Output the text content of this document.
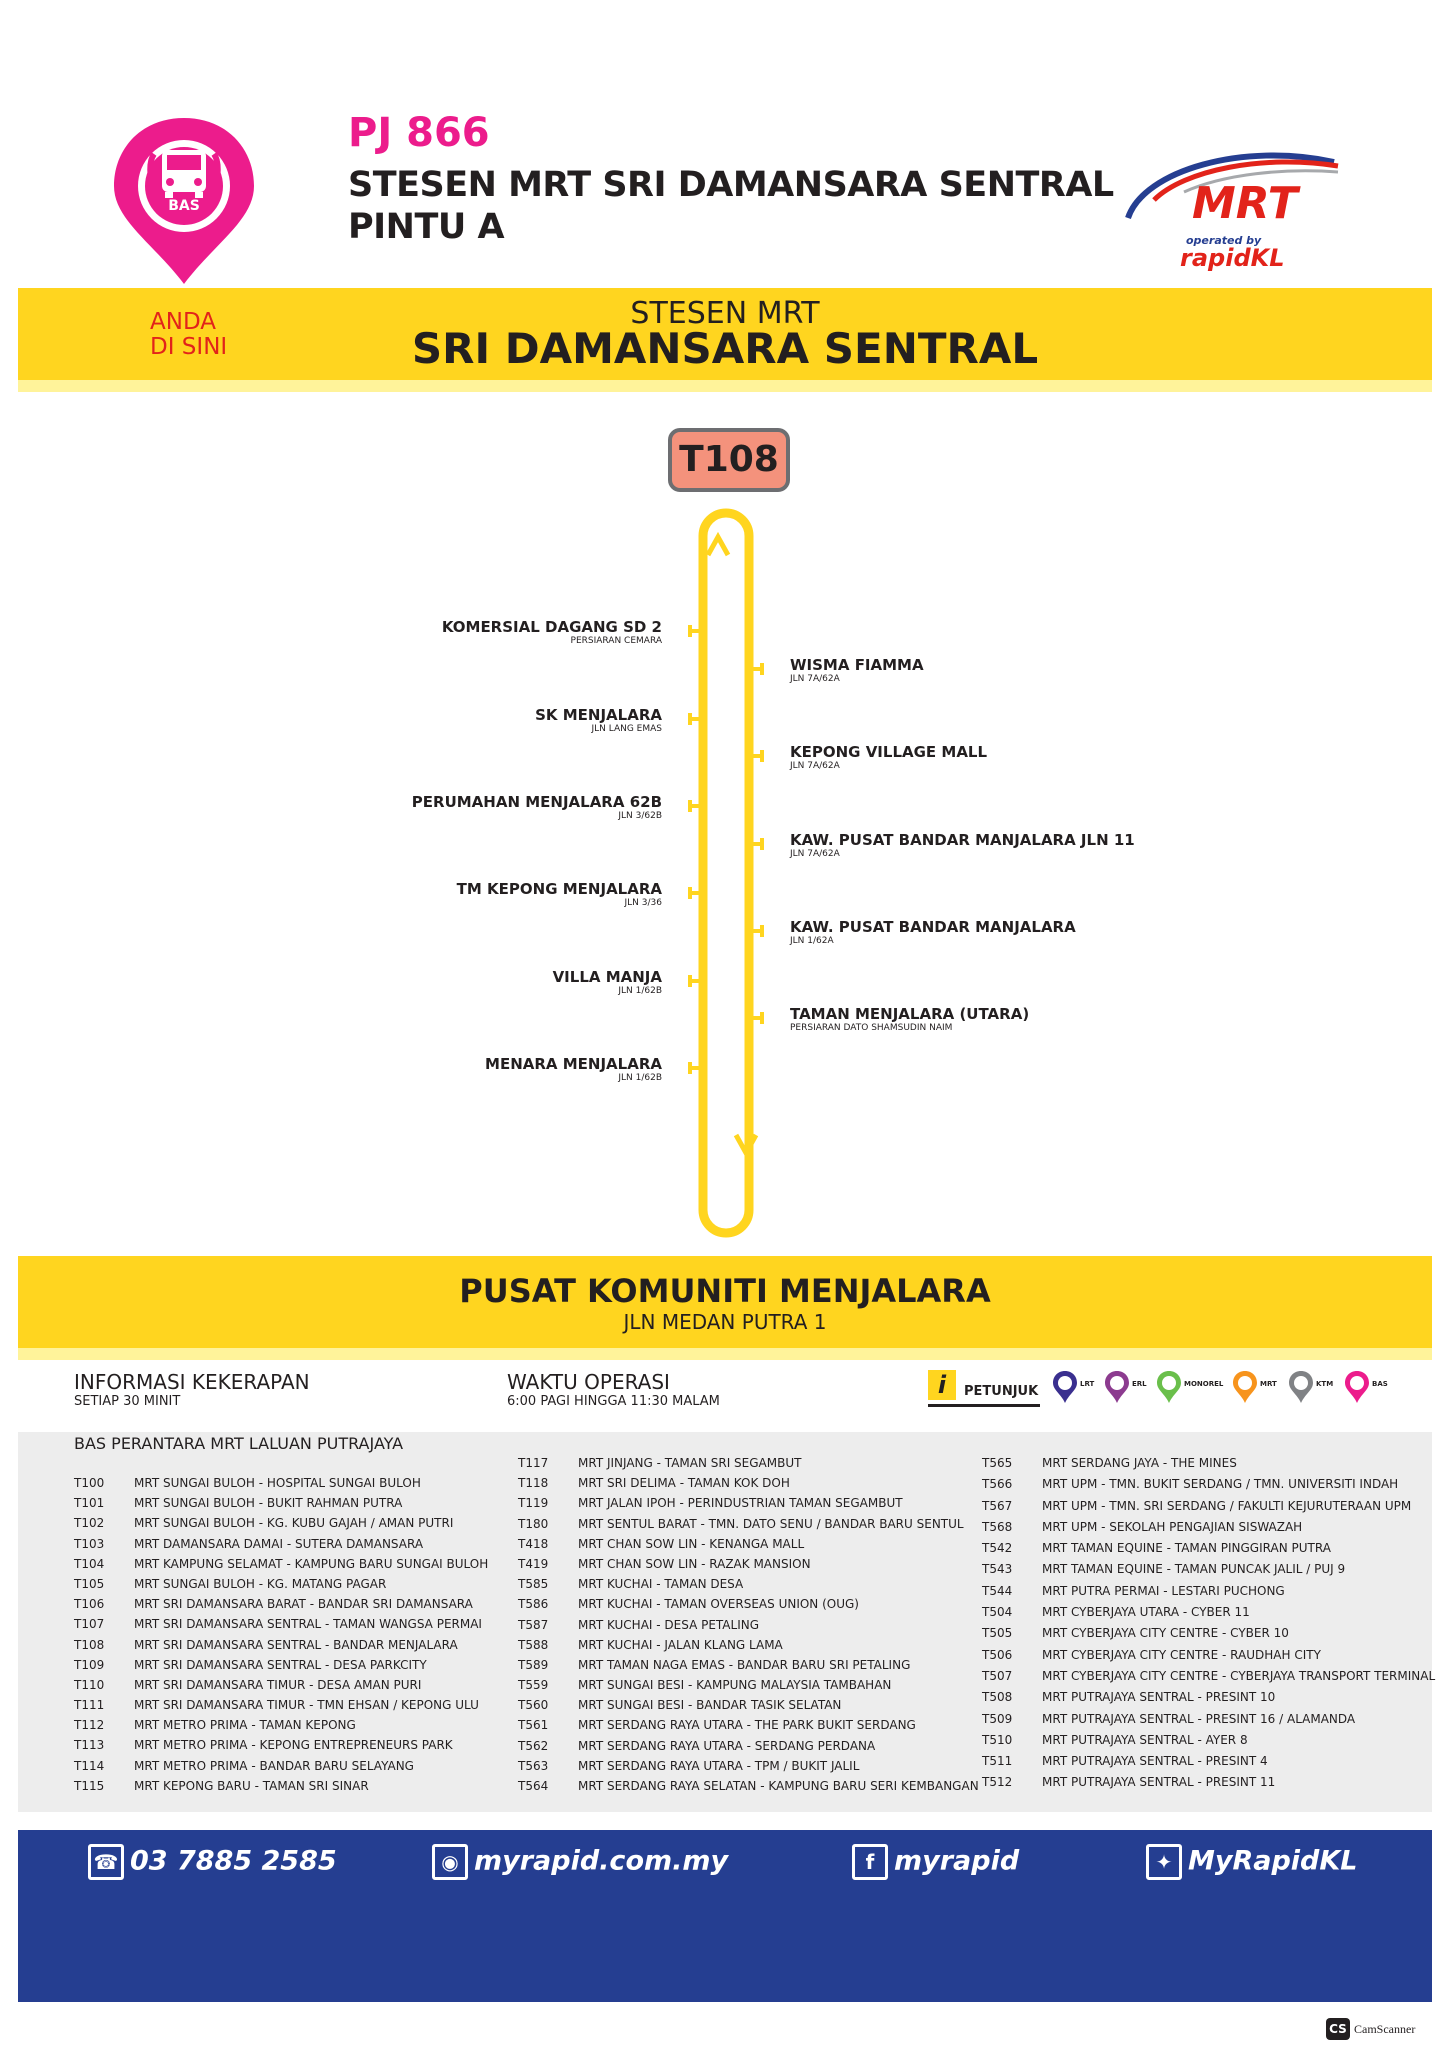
BAS
PJ 866
STESEN MRT SRI DAMANSARA SENTRAL
PINTU A	MRT
operated by
rapidKL
STESEN MRT
SRI DAMANSARA SENTRAL
ANDA
DI SINI
T108
KOMERSIAL DAGANG SD 2
PERSIARAN CEMARA
SK MENJALARA
JLN LANG EMAS
PERUMAHAN MENJALARA 62B
JLN 3/62B
TM KEPONG MENJALARA
JLN 3/36
VILLA MANJA
JLN 1/62B
MENARA MENJALARA
JLN 1/62B
WISMA FIAMMA
JLN 7A/62A
KEPONG VILLAGE MALL
JLN 7A/62A
KAW. PUSAT BANDAR MANJALARA JLN 11
JLN 7A/62A
KAW. PUSAT BANDAR MANJALARA
JLN 1/62A
TAMAN MENJALARA (UTARA)
PERSIARAN DATO SHAMSUDIN NAIM
PUSAT KOMUNITI MENJALARA
JLN MEDAN PUTRA 1
INFORMASI KEKERAPAN
SETIAP 30 MINIT
WAKTU OPERASI
6:00 PAGI HINGGA 11:30 MALAM
i	PETUNJUK	LRT	ERL	MONOREL	MRT	KTM	BAS
BAS PERANTARA MRT LALUAN PUTRAJAYA
T100 MRT SUNGAI BULOH - HOSPITAL SUNGAI BULOH
T101 MRT SUNGAI BULOH - BUKIT RAHMAN PUTRA
T102 MRT SUNGAI BULOH - KG. KUBU GAJAH / AMAN PUTRI
T103 MRT DAMANSARA DAMAI - SUTERA DAMANSARA
T104 MRT KAMPUNG SELAMAT - KAMPUNG BARU SUNGAI BULOH
T105 MRT SUNGAI BULOH - KG. MATANG PAGAR
T106 MRT SRI DAMANSARA BARAT - BANDAR SRI DAMANSARA
T107 MRT SRI DAMANSARA SENTRAL - TAMAN WANGSA PERMAI
T108 MRT SRI DAMANSARA SENTRAL - BANDAR MENJALARA
T109 MRT SRI DAMANSARA SENTRAL - DESA PARKCITY
T110 MRT SRI DAMANSARA TIMUR - DESA AMAN PURI
T111 MRT SRI DAMANSARA TIMUR - TMN EHSAN / KEPONG ULU
T112 MRT METRO PRIMA - TAMAN KEPONG
T113 MRT METRO PRIMA - KEPONG ENTREPRENEURS PARK
T114 MRT METRO PRIMA - BANDAR BARU SELAYANG
T115 MRT KEPONG BARU - TAMAN SRI SINAR
T117 MRT JINJANG - TAMAN SRI SEGAMBUT
T118 MRT SRI DELIMA - TAMAN KOK DOH
T119 MRT JALAN IPOH - PERINDUSTRIAN TAMAN SEGAMBUT
T180 MRT SENTUL BARAT - TMN. DATO SENU / BANDAR BARU SENTUL
T418 MRT CHAN SOW LIN - KENANGA MALL
T419 MRT CHAN SOW LIN - RAZAK MANSION
T585 MRT KUCHAI - TAMAN DESA
T586 MRT KUCHAI - TAMAN OVERSEAS UNION (OUG)
T587 MRT KUCHAI - DESA PETALING
T588 MRT KUCHAI - JALAN KLANG LAMA
T589 MRT TAMAN NAGA EMAS - BANDAR BARU SRI PETALING
T559 MRT SUNGAI BESI - KAMPUNG MALAYSIA TAMBAHAN
T560 MRT SUNGAI BESI - BANDAR TASIK SELATAN
T561 MRT SERDANG RAYA UTARA - THE PARK BUKIT SERDANG
T562 MRT SERDANG RAYA UTARA - SERDANG PERDANA
T563 MRT SERDANG RAYA UTARA - TPM / BUKIT JALIL
T564 MRT SERDANG RAYA SELATAN - KAMPUNG BARU SERI KEMBANGAN
T565 MRT SERDANG JAYA - THE MINES
T566 MRT UPM - TMN. BUKIT SERDANG / TMN. UNIVERSITI INDAH
T567 MRT UPM - TMN. SRI SERDANG / FAKULTI KEJURUTERAAN UPM
T568 MRT UPM - SEKOLAH PENGAJIAN SISWAZAH
T542 MRT TAMAN EQUINE - TAMAN PINGGIRAN PUTRA
T543 MRT TAMAN EQUINE - TAMAN PUNCAK JALIL / PUJ 9
T544 MRT PUTRA PERMAI - LESTARI PUCHONG
T504 MRT CYBERJAYA UTARA - CYBER 11
T505 MRT CYBERJAYA CITY CENTRE - CYBER 10
T506 MRT CYBERJAYA CITY CENTRE - RAUDHAH CITY
T507 MRT CYBERJAYA CITY CENTRE - CYBERJAYA TRANSPORT TERMINAL
T508 MRT PUTRAJAYA SENTRAL - PRESINT 10
T509 MRT PUTRAJAYA SENTRAL - PRESINT 16 / ALAMANDA
T510 MRT PUTRAJAYA SENTRAL - AYER 8
T511 MRT PUTRAJAYA SENTRAL - PRESINT 4
T512 MRT PUTRAJAYA SENTRAL - PRESINT 11
☎ 03 7885 2585	◉ myrapid.com.my	f myrapid	✦ MyRapidKL
CS CamScanner
